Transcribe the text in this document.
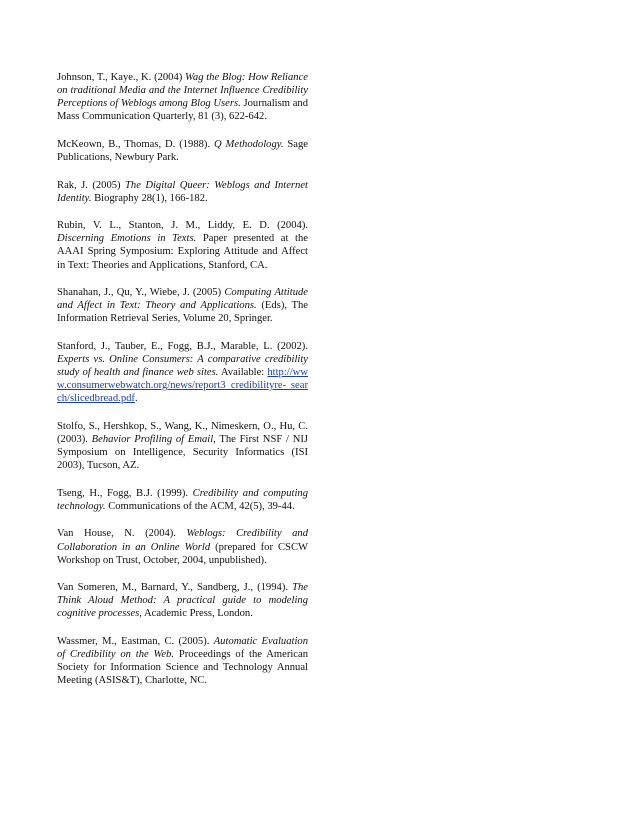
Johnson, T., Kaye., K. (2004) Wag the Blog: How Reliance on traditional Media and the Internet Influence Credibility Perceptions of Weblogs among Blog Users. Journalism and Mass Communication Quarterly, 81 (3), 622-642.

McKeown, B., Thomas, D. (1988). Q Methodology. Sage Publications, Newbury Park.

Rak, J. (2005) The Digital Queer: Weblogs and Internet Identity. Biography 28(1), 166-182.

Rubin, V. L., Stanton, J. M., Liddy, E. D. (2004). Discerning Emotions in Texts. Paper presented at the AAAI Spring Symposium: Exploring Attitude and Affect in Text: Theories and Applications, Stanford, CA.

Shanahan, J., Qu, Y., Wiebe, J. (2005) Computing Attitude and Affect in Text: Theory and Applications. (Eds), The Information Retrieval Series, Volume 20, Springer.

Stanford, J., Tauber, E., Fogg, B.J., Marable, L. (2002). Experts vs. Online Consumers: A comparative credibility study of health and finance web sites. Available: http://www.consumerwebwatch.org/news/report3_credibilityre- search/slicedbread.pdf.

Stolfo, S., Hershkop, S., Wang, K., Nimeskern, O., Hu, C. (2003). Behavior Profiling of Email, The First NSF / NIJ Symposium on Intelligence, Security Informatics (ISI 2003), Tucson, AZ.

Tseng, H., Fogg, B.J. (1999). Credibility and computing technology. Communications of the ACM, 42(5), 39-44.

Van House, N. (2004). Weblogs: Credibility and Collaboration in an Online World (prepared for CSCW Workshop on Trust, October, 2004, unpublished).

Van Someren, M., Barnard, Y., Sandberg, J., (1994). The Think Aloud Method: A practical guide to modeling cognitive processes, Academic Press, London.

Wassmer, M., Eastman, C. (2005). Automatic Evaluation of Credibility on the Web. Proceedings of the American Society for Information Science and Technology Annual Meeting (ASIS&T), Charlotte, NC.
